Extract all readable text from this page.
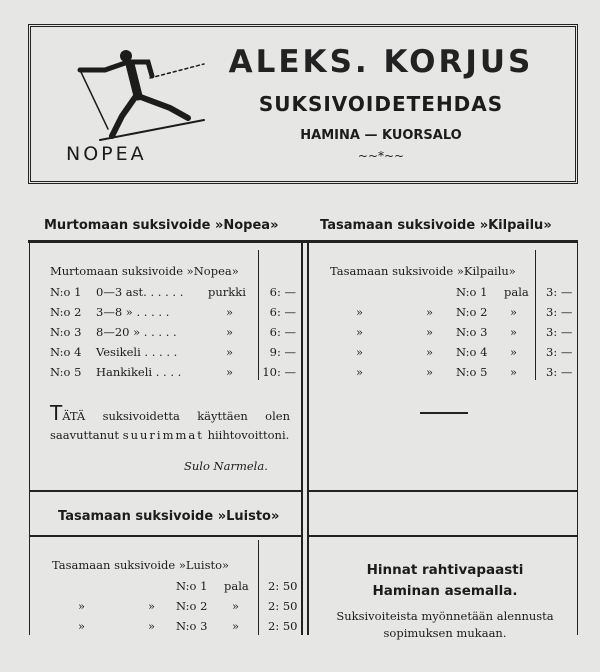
NOPEA
ALEKS. KORJUS
SUKSIVOIDETEHDAS
HAMINA — KUORSALO
~~*~~
Murtomaan suksivoide »Nopea»	Tasamaan suksivoide »Kilpailu»
Murtomaan suksivoide »Nopea»
N:o 1	0—3 ast. . . . . . purkki	6: —
N:o 2 3—8 » . . . . .	»	6: —
N:o 3 8—20 » . . . . .	»	6: —
N:o 4 Vesikeli . . . . .	»	9: —
N:o 5 Hankikeli . . . .	»	10: —
TÄTÄ suksivoidetta käyttäen olen saavuttanut suurimmat hiihtovoittoni.
Sulo Narmela.
Tasamaan suksivoide »Kilpailu»
N:o 1 pala 3: —
»	» N:o 2 »	3: —
»	» N:o 3 »	3: —
»	» N:o 4 »	3: —
»	» N:o 5 »	3: —
Tasamaan suksivoide »Luisto»
Tasamaan suksivoide »Luisto»
N:o 1 pala 2: 50
»	» N:o 2 »	2: 50
»	» N:o 3 »	2: 50
Hinnat rahtivapaasti
Haminan asemalla.
Suksivoiteista myönnetään alennusta
sopimuksen mukaan.
